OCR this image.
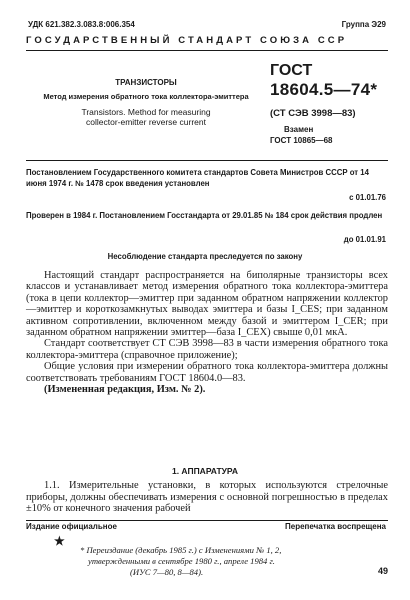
УДК 621.382.3.083.8:006.354	Группа Э29
ГОСУДАРСТВЕННЫЙ СТАНДАРТ СОЮЗА ССР
ТРАНЗИСТОРЫ
Метод измерения обратного тока коллектора-эмиттера
Transistors. Method for measuring
collector-emitter reverse current
ГОСТ
18604.5—74*
(СТ СЭВ 3998—83)
Взамен
ГОСТ 10865—68
Постановлением Государственного комитета стандартов Совета Министров СССР от 14 июня 1974 г. № 1478 срок введения установлен
с 01.01.76
Проверен в 1984 г. Постановлением Госстандарта от 29.01.85 № 184 срок действия продлен
до 01.01.91
Несоблюдение стандарта преследуется по закону

Настоящий стандарт распространяется на биполярные транзисторы всех классов и устанавливает метод измерения обратного тока коллектора-эмиттера (тока в цепи коллектор—эмиттер при заданном обратном напряжении коллектор—эмиттер и короткозамкнутых выводах эмиттера и базы I_CES; при заданном активном сопротивлении, включенном между базой и эмиттером I_CER; при заданном обратном напряжении эмиттер—база I_CEX) свыше 0,01 мкА.

Стандарт соответствует СТ СЭВ 3998—83 в части измерения обратного тока коллектора-эмиттера (справочное приложение);

Общие условия при измерении обратного тока коллектора-эмиттера должны соответствовать требованиям ГОСТ 18604.0—83.

(Измененная редакция, Изм. № 2).

1. АППАРАТУРА
1.1. Измерительные установки, в которых используются стрелочные приборы, должны обеспечивать измерения с основной погрешностью в пределах ±10% от конечного значения рабочей
Издание официальное	Перепечатка воспрещена
★
* Переиздание (декабрь 1985 г.) с Изменениями № 1, 2,
утвержденными в сентябре 1980 г., апреле 1984 г.
(ИУС 7—80, 8—84).	49
